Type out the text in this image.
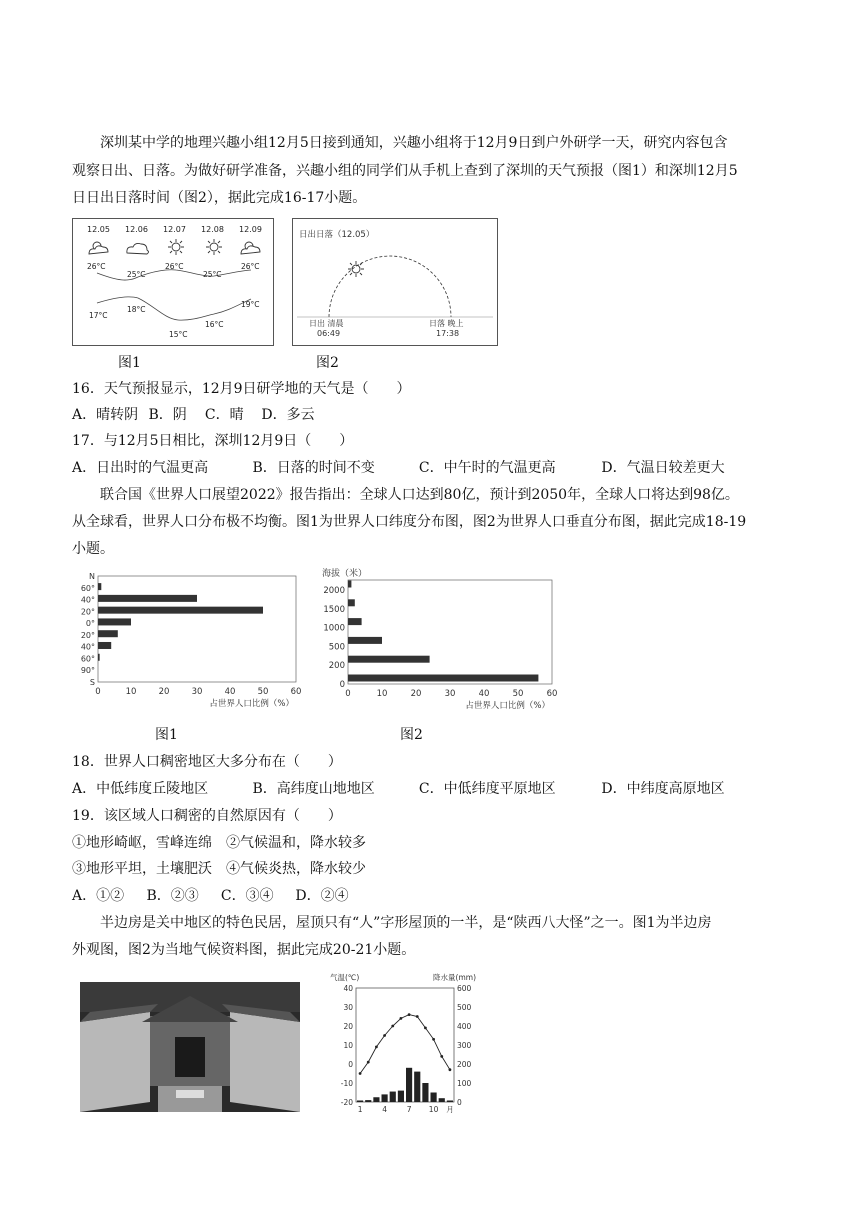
深圳某中学的地理兴趣小组12月5日接到通知，兴趣小组将于12月9日到户外研学一天，研究内容包含
观察日出、日落。为做好研学准备，兴趣小组的同学们从手机上查到了深圳的天气预报（图1）和深圳12月5
日日出日落时间（图2），据此完成16-17小题。
12.05 12.06 12.07 12.08 12.09
26°C
25°C
26°C
25°C
26°C
17°C
18°C
15°C
16°C
19°C
图1
日出日落（12.05）
日出 清晨
06:49
日落 晚上
17:38
图2
16．天气预报显示，12月9日研学地的天气是（　　）
A．晴转阴 B．阴 C．晴 D．多云
17．与12月5日相比，深圳12月9日（　　）
A．日出时的气温更高	B．日落的时间不变	C．中午时的气温更高	D．气温日较差更大
联合国《世界人口展望2022》报告指出：全球人口达到80亿，预计到2050年，全球人口将达到98亿。
从全球看，世界人口分布极不均衡。图1为世界人口纬度分布图，图2为世界人口垂直分布图，据此完成18-19
小题。
N
60°
40°
20°
0°
20°
40°
60°
90°
S
0	10	20	30	40	50	60
占世界人口比例（%）
图1
海拔（米）
2000
1500
1000
500
200
0
0	10	20	30	40	50	60
占世界人口比例（%）
图2
18．世界人口稠密地区大多分布在（　　）
A．中低纬度丘陵地区	B．高纬度山地地区	C．中低纬度平原地区	D．中纬度高原地区
19．该区域人口稠密的自然原因有（　　）
①地形崎岖，雪峰连绵　②气候温和，降水较多
③地形平坦，土壤肥沃　④气候炎热，降水较少
A．①② B．②③ C．③④ D．②④
半边房是关中地区的特色民居，屋顶只有“人”字形屋顶的一半，是“陕西八大怪”之一。图1为半边房
外观图，图2为当地气候资料图，据此完成20-21小题。
气温(℃)	降水量(mm)
40
30
20
10
0
-10
-20
600
500
400
300
200
100
0
1	4	7 10 月
